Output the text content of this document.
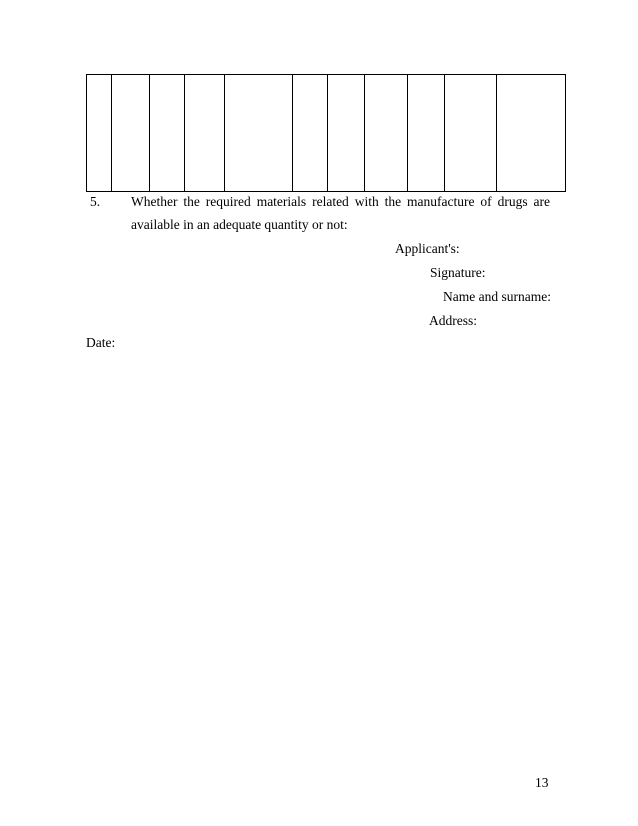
5. Whether the required materials related with the manufacture of drugs are
available in an adequate quantity or not:
Applicant's:
Signature:
Name and surname:
Address:
Date:
13
